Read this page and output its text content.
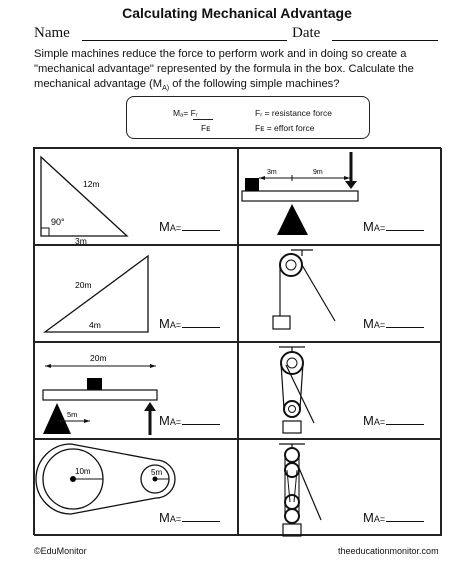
Calculating Mechanical Advantage
Name	Date
Simple machines reduce the force to perform work and in doing so create a
"mechanical advantage" represented by the formula in the box. Calculate the
mechanical advantage ($M_{A)}$ of the following simple machines?
Mₐ= Fᵣ
Fᴇ
Fᵣ = resistance force
Fᴇ = effort force
12m
90°
3m
MA=
3m	9m
MA=
20m
4m	MA=	MA=
20m
5m	MA=	MA=
10m	5m
MA=	MA=
©EduMonitor	theeducationmonitor.com
